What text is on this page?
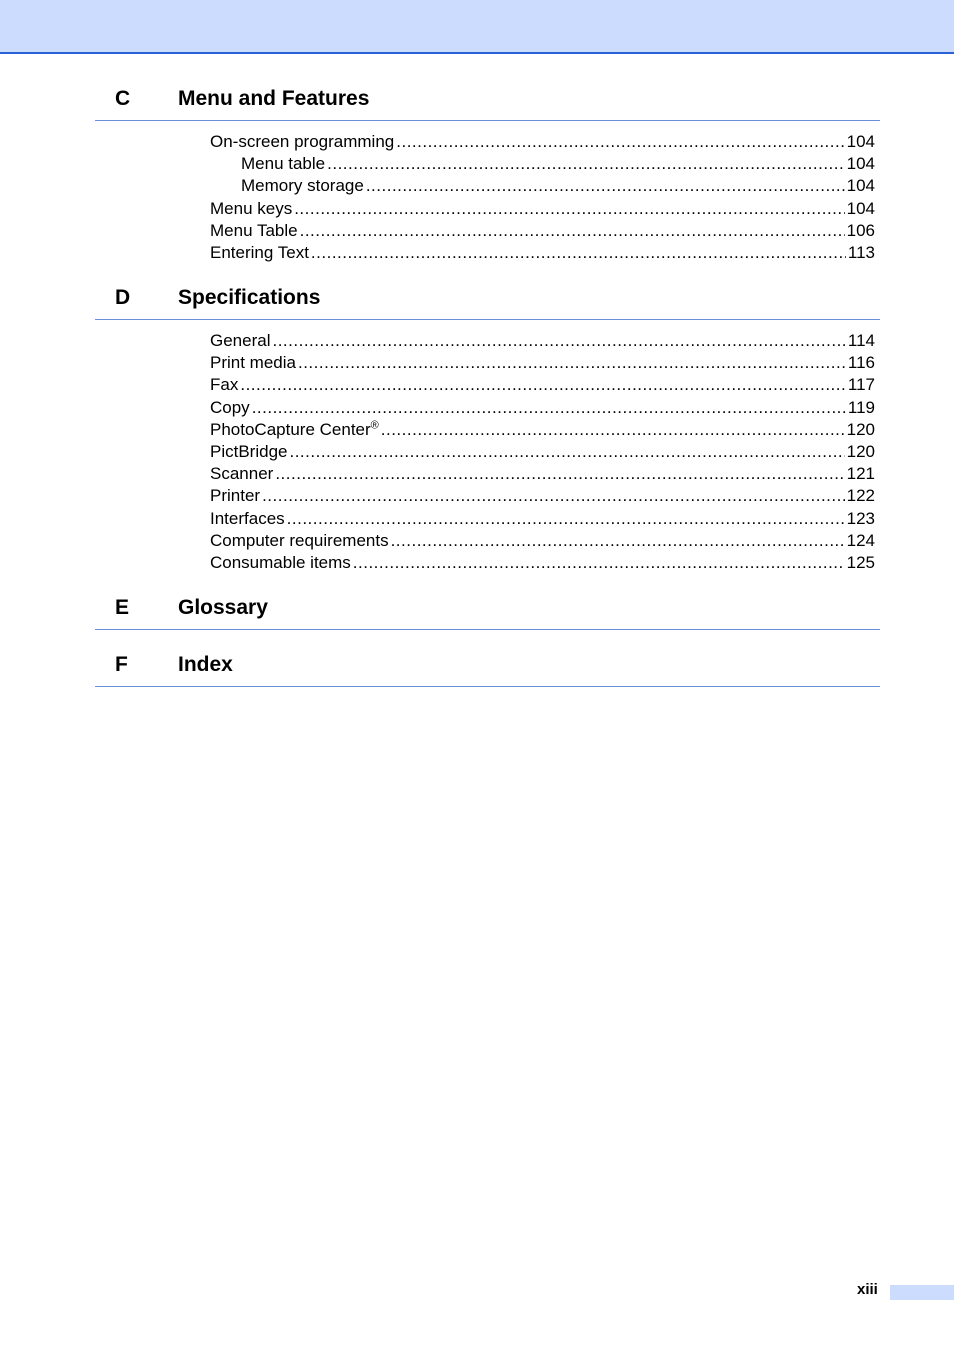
C Menu and Features
On-screen programming .....	104
Menu table .....	104
Memory storage .....	104
Menu keys .....	104
Menu Table .....	106
Entering Text .....	113
D Specifications
General .....	114
Print media .....	116
Fax .....	117
Copy .....	119
PhotoCapture Center® .....	120
PictBridge .....	120
Scanner .....	121
Printer .....	122
Interfaces .....	123
Computer requirements .....	124
Consumable items .....	125
E Glossary
F Index
xiii
